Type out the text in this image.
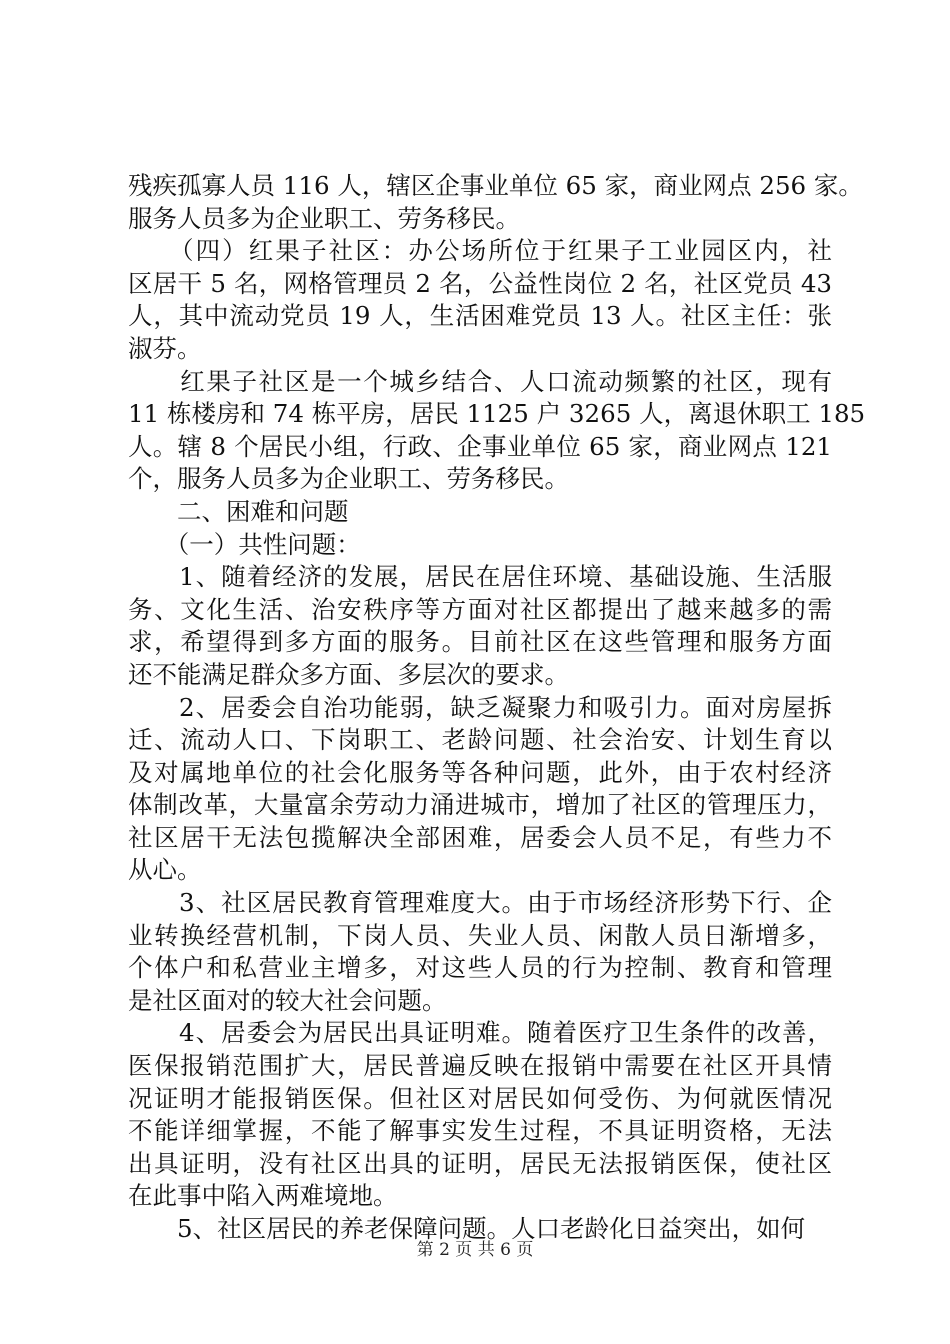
残疾孤寡人员 116 人，辖区企事业单位 65 家，商业网点 256 家。
服务人员多为企业职工、劳务移民。
　　（四）红果子社区：办公场所位于红果子工业园区内，社
区居干 5 名，网格管理员 2 名，公益性岗位 2 名，社区党员 43
人，其中流动党员 19 人，生活困难党员 13 人。社区主任：张
淑芬。
　　红果子社区是一个城乡结合、人口流动频繁的社区，现有
11 栋楼房和 74 栋平房，居民 1125 户 3265 人，离退休职工 185
人。辖 8 个居民小组，行政、企事业单位 65 家，商业网点 121
个，服务人员多为企业职工、劳务移民。
　　二、困难和问题
　　（一）共性问题：
　　1、随着经济的发展，居民在居住环境、基础设施、生活服
务、文化生活、治安秩序等方面对社区都提出了越来越多的需
求，希望得到多方面的服务。目前社区在这些管理和服务方面
还不能满足群众多方面、多层次的要求。
　　2、居委会自治功能弱，缺乏凝聚力和吸引力。面对房屋拆
迁、流动人口、下岗职工、老龄问题、社会治安、计划生育以
及对属地单位的社会化服务等各种问题，此外，由于农村经济
体制改革，大量富余劳动力涌进城市，增加了社区的管理压力，
社区居干无法包揽解决全部困难，居委会人员不足，有些力不
从心。
　　3、社区居民教育管理难度大。由于市场经济形势下行、企
业转换经营机制，下岗人员、失业人员、闲散人员日渐增多，
个体户和私营业主增多，对这些人员的行为控制、教育和管理
是社区面对的较大社会问题。
　　4、居委会为居民出具证明难。随着医疗卫生条件的改善，
医保报销范围扩大，居民普遍反映在报销中需要在社区开具情
况证明才能报销医保。但社区对居民如何受伤、为何就医情况
不能详细掌握，不能了解事实发生过程，不具证明资格，无法
出具证明，没有社区出具的证明，居民无法报销医保，使社区
在此事中陷入两难境地。
　　5、社区居民的养老保障问题。人口老龄化日益突出，如何
第 2 页 共 6 页
